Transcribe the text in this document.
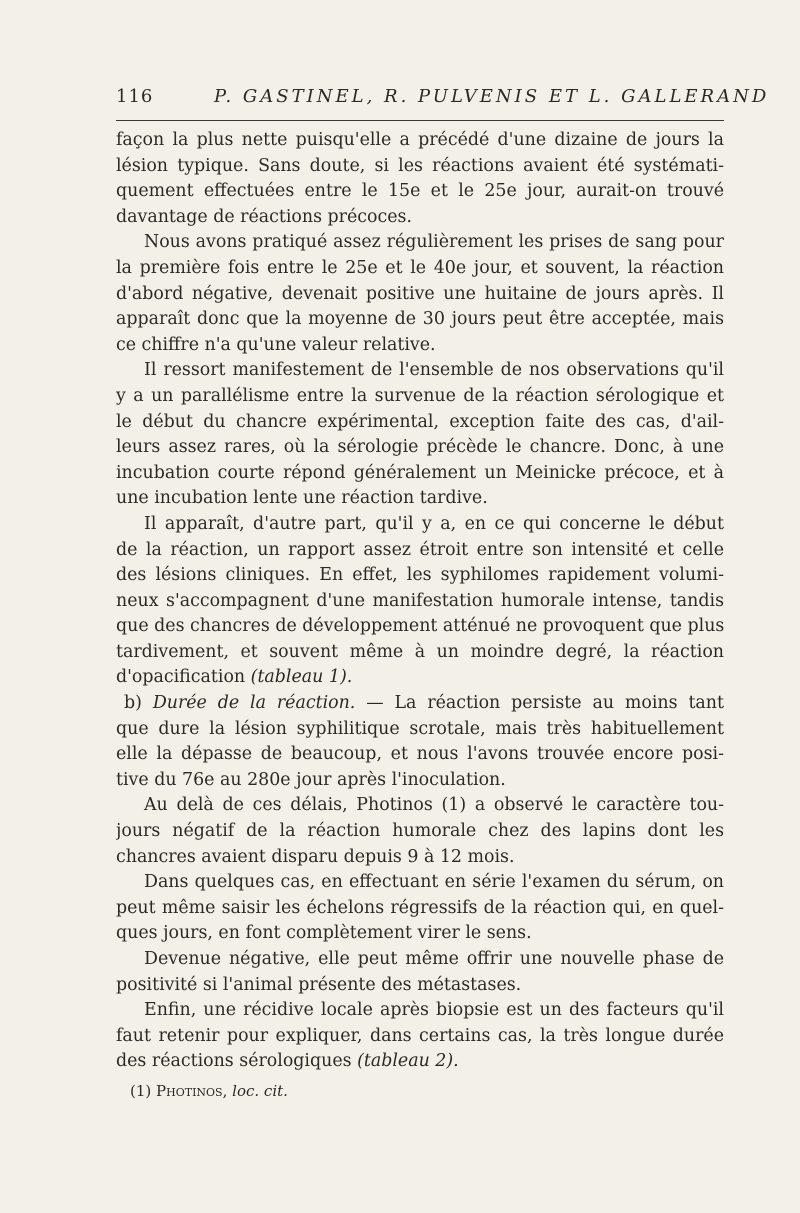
116	P. GASTINEL, R. PULVENIS ET L. GALLERAND
façon la plus nette puisqu'elle a précédé d'une dizaine de jours la
lésion typique. Sans doute, si les réactions avaient été systémati-
quement effectuées entre le 15e et le 25e jour, aurait-on trouvé
davantage de réactions précoces.
Nous avons pratiqué assez régulièrement les prises de sang pour
la première fois entre le 25e et le 40e jour, et souvent, la réaction
d'abord négative, devenait positive une huitaine de jours après. Il
apparaît donc que la moyenne de 30 jours peut être acceptée, mais
ce chiffre n'a qu'une valeur relative.
Il ressort manifestement de l'ensemble de nos observations qu'il
y a un parallélisme entre la survenue de la réaction sérologique et
le début du chancre expérimental, exception faite des cas, d'ail-
leurs assez rares, où la sérologie précède le chancre. Donc, à une
incubation courte répond généralement un Meinicke précoce, et à
une incubation lente une réaction tardive.
Il apparaît, d'autre part, qu'il y a, en ce qui concerne le début
de la réaction, un rapport assez étroit entre son intensité et celle
des lésions cliniques. En effet, les syphilomes rapidement volumi-
neux s'accompagnent d'une manifestation humorale intense, tandis
que des chancres de développement atténué ne provoquent que plus
tardivement, et souvent même à un moindre degré, la réaction
d'opacification (tableau 1).
b) Durée de la réaction. — La réaction persiste au moins tant
que dure la lésion syphilitique scrotale, mais très habituellement
elle la dépasse de beaucoup, et nous l'avons trouvée encore posi-
tive du 76e au 280e jour après l'inoculation.
Au delà de ces délais, Photinos (1) a observé le caractère tou-
jours négatif de la réaction humorale chez des lapins dont les
chancres avaient disparu depuis 9 à 12 mois.
Dans quelques cas, en effectuant en série l'examen du sérum, on
peut même saisir les échelons régressifs de la réaction qui, en quel-
ques jours, en font complètement virer le sens.
Devenue négative, elle peut même offrir une nouvelle phase de
positivité si l'animal présente des métastases.
Enfin, une récidive locale après biopsie est un des facteurs qu'il
faut retenir pour expliquer, dans certains cas, la très longue durée
des réactions sérologiques (tableau 2).
(1) Photinos, loc. cit.
